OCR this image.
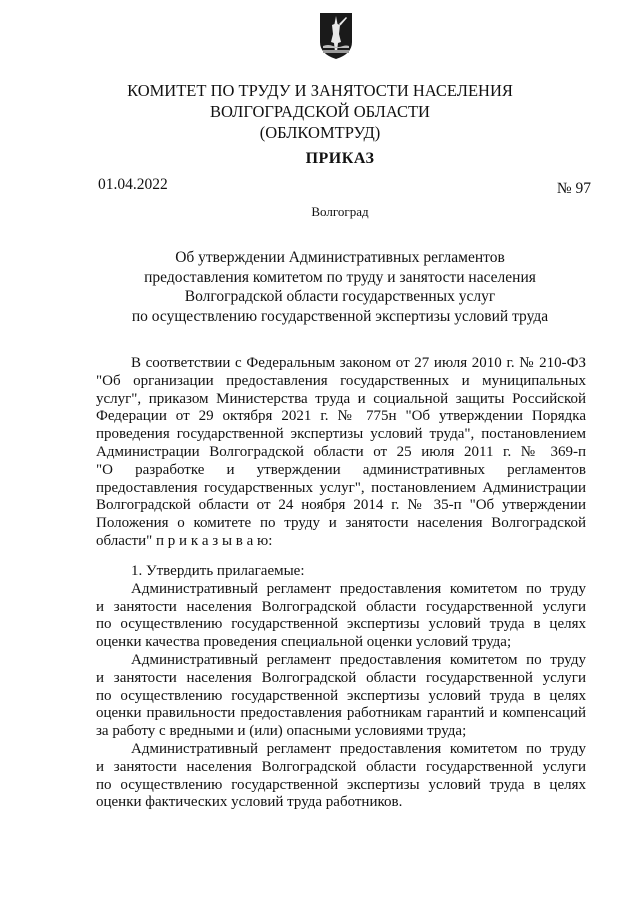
КОМИТЕТ ПО ТРУДУ И ЗАНЯТОСТИ НАСЕЛЕНИЯ
ВОЛГОГРАДСКОЙ ОБЛАСТИ
(ОБЛКОМТРУД)
ПРИКАЗ
01.04.2022	№ 97
Волгоград
Об утверждении Административных регламентов
предоставления комитетом по труду и занятости населения
Волгоградской области государственных услуг
по осуществлению государственной экспертизы условий труда
В соответствии с Федеральным законом от 27 июля 2010 г. № 210-ФЗ
"Об организации предоставления государственных и муниципальных
услуг", приказом Министерства труда и социальной защиты Российской
Федерации от 29 октября 2021 г. № 775н "Об утверждении Порядка
проведения государственной экспертизы условий труда", постановлением
Администрации Волгоградской области от 25 июля 2011 г. № 369-п
"О разработке и утверждении административных регламентов
предоставления государственных услуг", постановлением Администрации
Волгоградской области от 24 ноября 2014 г. № 35-п "Об утверждении
Положения о комитете по труду и занятости населения Волгоградской
области" п р и к а з ы в а ю:
1. Утвердить прилагаемые:
Административный регламент предоставления комитетом по труду
и занятости населения Волгоградской области государственной услуги
по осуществлению государственной экспертизы условий труда в целях
оценки качества проведения специальной оценки условий труда;
Административный регламент предоставления комитетом по труду
и занятости населения Волгоградской области государственной услуги
по осуществлению государственной экспертизы условий труда в целях
оценки правильности предоставления работникам гарантий и компенсаций
за работу с вредными и (или) опасными условиями труда;
Административный регламент предоставления комитетом по труду
и занятости населения Волгоградской области государственной услуги
по осуществлению государственной экспертизы условий труда в целях
оценки фактических условий труда работников.
